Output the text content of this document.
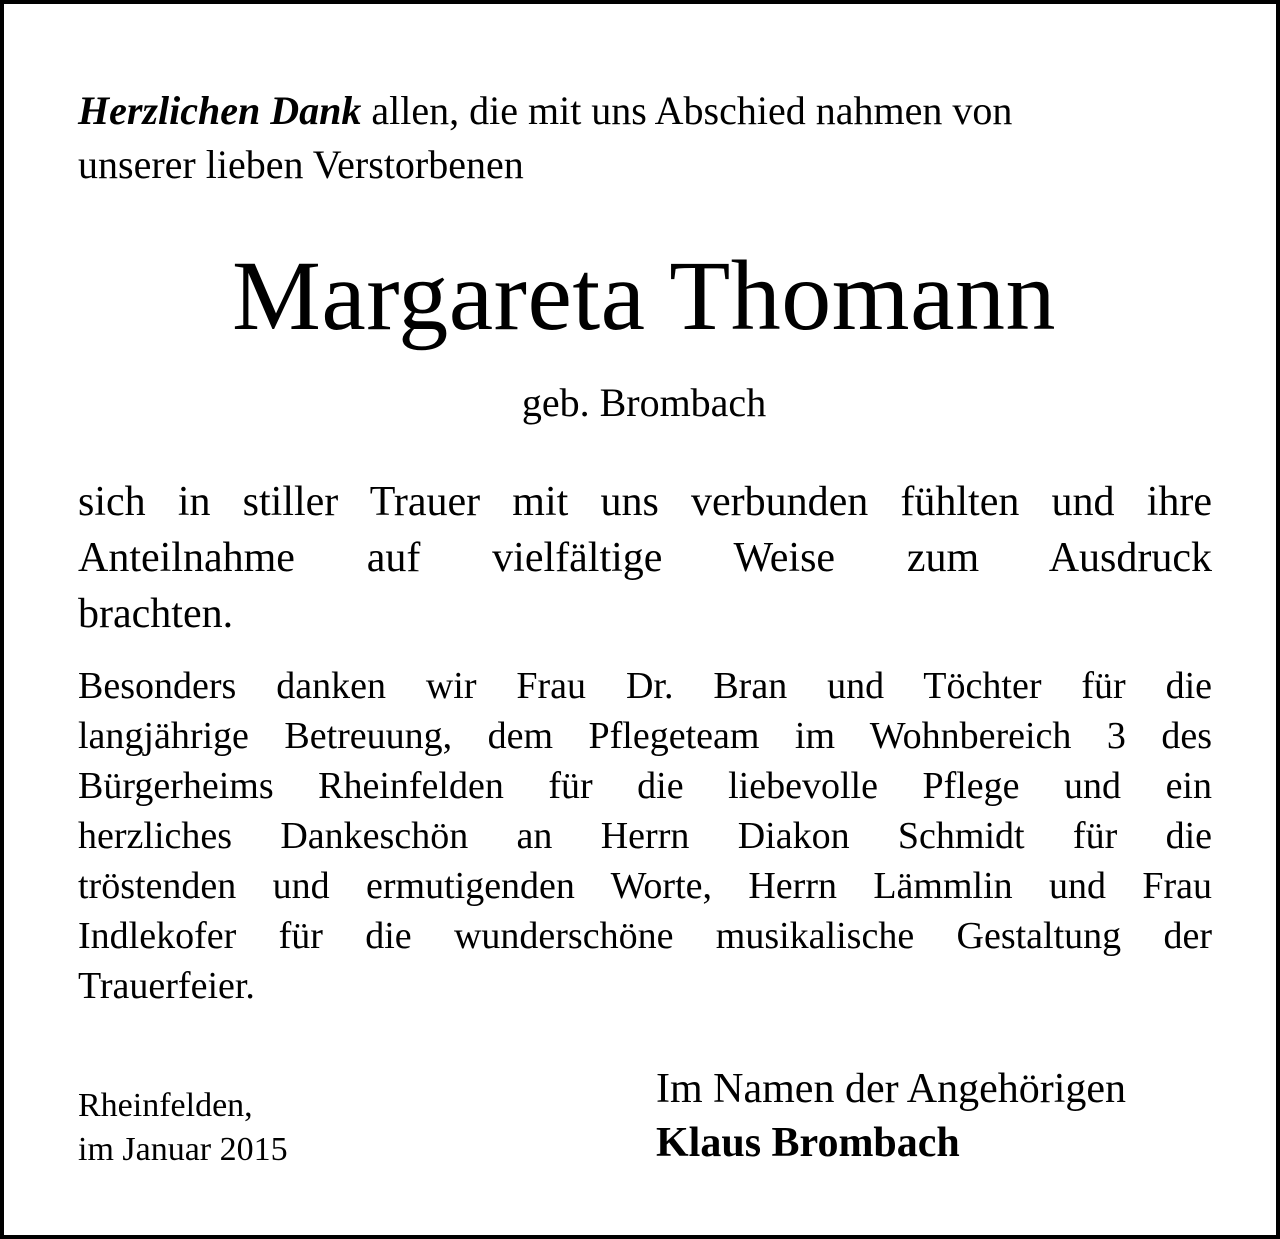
Herzlichen Dank allen, die mit uns Abschied nahmen von

unserer lieben Verstorbenen

Margareta Thomann
geb. Brombach

sich in stiller Trauer mit uns verbunden fühlten und ihre
Anteilnahme auf vielfältige Weise zum Ausdruck
brachten.

Besonders danken wir Frau Dr. Bran und Töchter für die
langjährige Betreuung, dem Pflegeteam im Wohnbereich 3 des
Bürgerheims Rheinfelden für die liebevolle Pflege und ein
herzliches Dankeschön an Herrn Diakon Schmidt für die
tröstenden und ermutigenden Worte, Herrn Lämmlin und Frau
Indlekofer für die wunderschöne musikalische Gestaltung der
Trauerfeier.

Rheinfelden,
im Januar 2015
Im Namen der Angehörigen
Klaus Brombach
